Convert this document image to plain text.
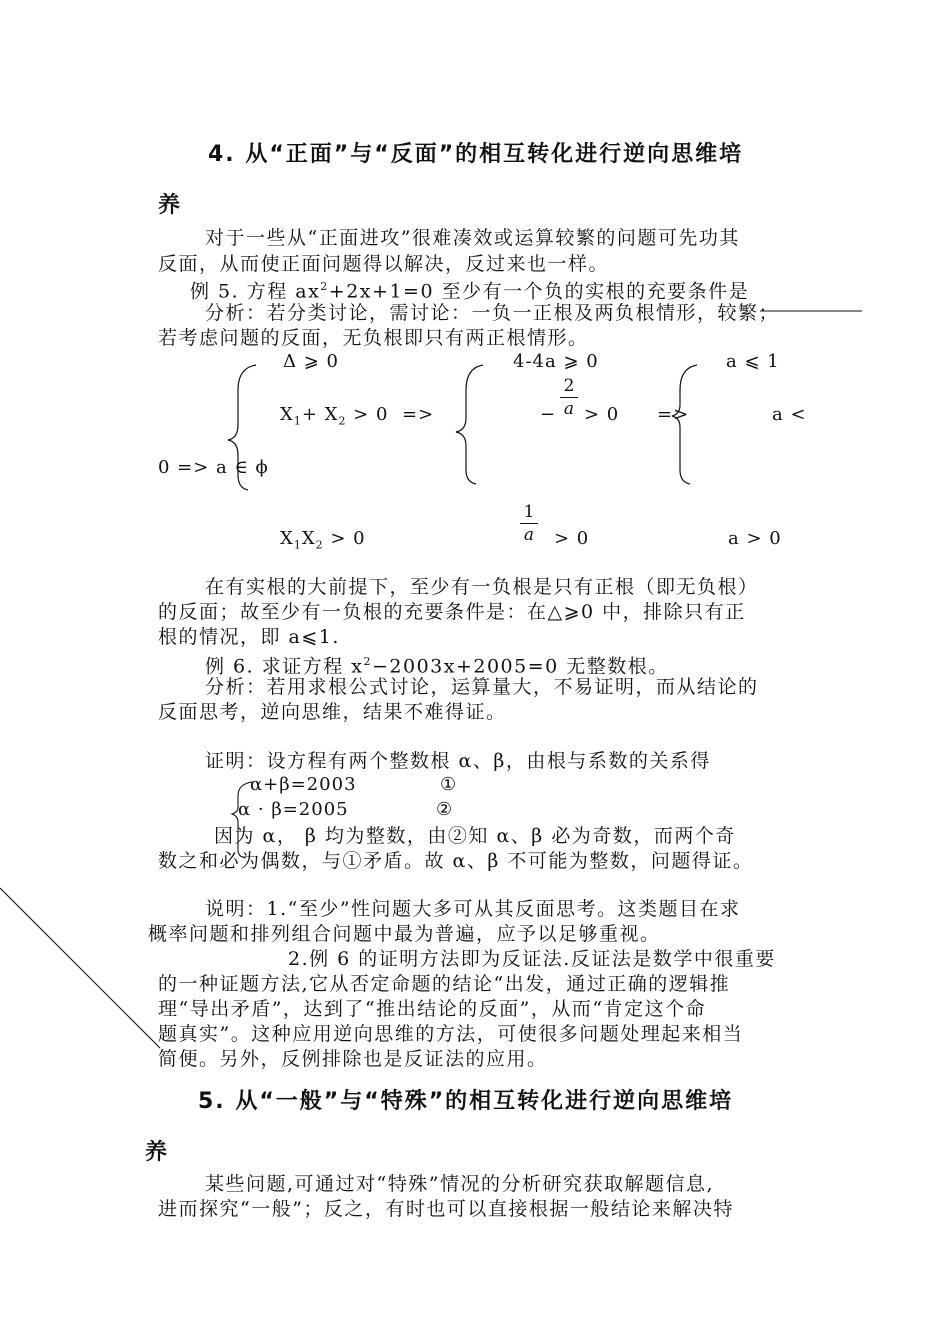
4. 从“正面”与“反面”的相互转化进行逆向思维培
养
对于一些从“正面进攻”很难凑效或运算较繁的问题可先功其
反面，从而使正面问题得以解决，反过来也一样。
例 5. 方程 $ax^2+2x+1=0$ 至少有一个负的实根的充要条件是
分析：若分类讨论，需讨论：一负一正根及两负根情形，较繁；
若考虑问题的反面，无负根即只有两正根情形。
Δ ⩾ 0
$X_1+ X_2 > 0$
$X_1X_2 > 0$
=>
4-4a ⩾ 0
−
2
a > 0
1
a	> 0
=>
a ⩽ 1
a <
a > 0
0 => a ∈ ϕ
在有实根的大前提下，至少有一负根是只有正根（即无负根）
的反面；故至少有一负根的充要条件是：在△⩾0 中，排除只有正
根的情况，即 a⩽1.
例 6. 求证方程 $x^2-2003x+2005=0$ 无整数根。
分析：若用求根公式讨论，运算量大，不易证明，而从结论的
反面思考，逆向思维，结果不难得证。
证明：设方程有两个整数根 α、β，由根与系数的关系得
α+β=2003	①
α · β=2005	②
因为 α， β 均为整数，由②知 α、β 必为奇数，而两个奇
数之和必为偶数，与①矛盾。故 α、β 不可能为整数，问题得证。
说明：1.“至少”性问题大多可从其反面思考。这类题目在求
概率问题和排列组合问题中最为普遍，应予以足够重视。
2.例 6 的证明方法即为反证法.反证法是数学中很重要
的一种证题方法,它从否定命题的结论“出发，通过正确的逻辑推
理“导出矛盾”，达到了“推出结论的反面”，从而“肯定这个命
题真实”。这种应用逆向思维的方法，可使很多问题处理起来相当
简便。另外，反例排除也是反证法的应用。
5. 从“一般”与“特殊”的相互转化进行逆向思维培
养
某些问题,可通过对“特殊”情况的分析研究获取解题信息,
进而探究“一般”；反之，有时也可以直接根据一般结论来解决特
